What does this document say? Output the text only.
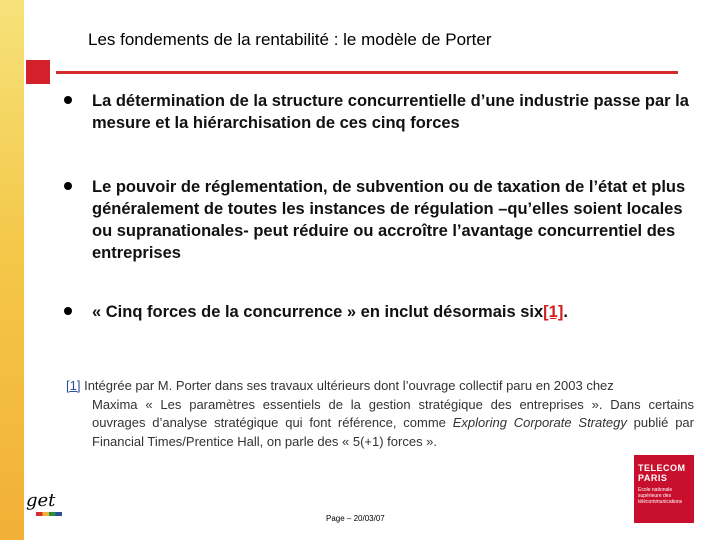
Les fondements de la rentabilité : le modèle de Porter
La détermination de la structure concurrentielle d’une industrie passe par la mesure et la hiérarchisation de ces cinq forces
Le pouvoir de réglementation, de subvention ou de taxation de l’état et plus généralement de toutes les instances de régulation –qu’elles soient locales ou supranationales- peut réduire ou accroître l’avantage concurrentiel des entreprises
« Cinq forces de la concurrence » en inclut désormais six[1].
[1] Intégrée par M. Porter dans ses travaux ultérieurs dont l’ouvrage collectif paru en 2003 chez
Maxima « Les paramètres essentiels de la gestion stratégique des entreprises ». Dans certains ouvrages d’analyse stratégique qui font référence, comme Exploring Corporate Strategy publié par Financial Times/Prentice Hall, on parle des « 5(+1) forces ».
get
Page – 20/03/07
TELECOM
PARIS
Ecole nationale supérieure des télécommunications
